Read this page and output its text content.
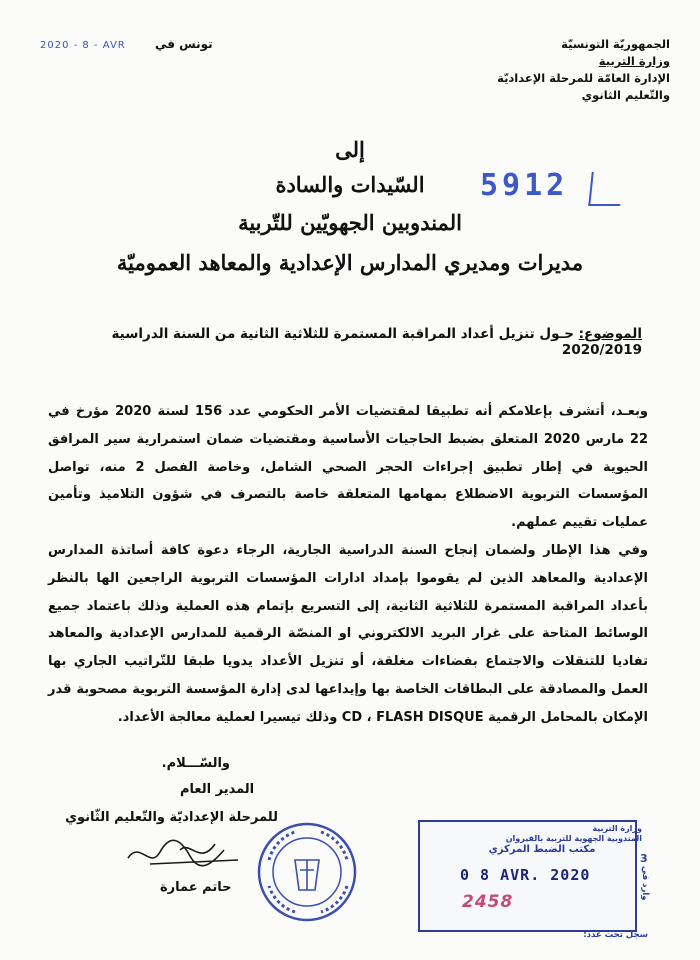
2020 - 8 - AVR تونس في	الجمهوريّة التونسيّة
وزارة التربية
الإدارة العامّة للمرحلة الإعداديّة
والتّعليم الثانوي
5912
إلى
السّيدات والسادة
المندوبين الجهويّين للتّربية
مديرات ومديري المدارس الإعدادية والمعاهد العموميّة
الموضوع: حـول تنزيل أعداد المراقبة المستمرة للثلاثية الثانية من السنة الدراسية 2020/2019

وبعـد، أتشرف بإعلامكم أنه تطبيقا لمقتضيات الأمر الحكومي عدد 156 لسنة 2020 مؤرخ في 22 مارس 2020 المتعلق بضبط الحاجيات الأساسية ومقتضيات ضمان استمرارية سير المرافق الحيوية في إطار تطبيق إجراءات الحجر الصحي الشامل، وخاصة الفصل 2 منه، تواصل المؤسسات التربوية الاضطلاع بمهامها المتعلقة خاصة بالتصرف في شؤون التلاميذ وتأمين عمليات تقييم عملهم.

وفي هذا الإطار ولضمان إنجاح السنة الدراسية الجارية، الرجاء دعوة كافة أساتذة المدارس الإعدادية والمعاهد الذين لم يقوموا بإمداد ادارات المؤسسات التربوية الراجعين الها بالنظر بأعداد المراقبة المستمرة للثلاثية الثانية، إلى التسريع بإتمام هذه العملية وذلك باعتماد جميع الوسائط المتاحة على غرار البريد الالكتروني او المنصّة الرقمية للمدارس الإعدادية والمعاهد تفاديا للتنقلات والاجتماع بفضاءات مغلقة، أو تنزيل الأعداد يدويا طبقا للتّراتيب الجاري بها العمل والمصادقة على البطاقات الخاصة بها وإيداعها لدى إدارة المؤسسة التربوية مصحوبة قدر الإمكان بالمحامل الرقمية CD ، FLASH DISQUE وذلك تيسيرا لعملية معالجة الأعداد.

والسّـــلام.
المدير العام
للمرحلة الإعداديّة والتّعليم الثّانوي
حاتم عمارة
وزارة التربية
المندوبية الجهوية للتربية بالقيروان
مكتب الضبط المركزي
0 8 AVR. 2020
2458
3
وارد في
سجل تحت عدد:
